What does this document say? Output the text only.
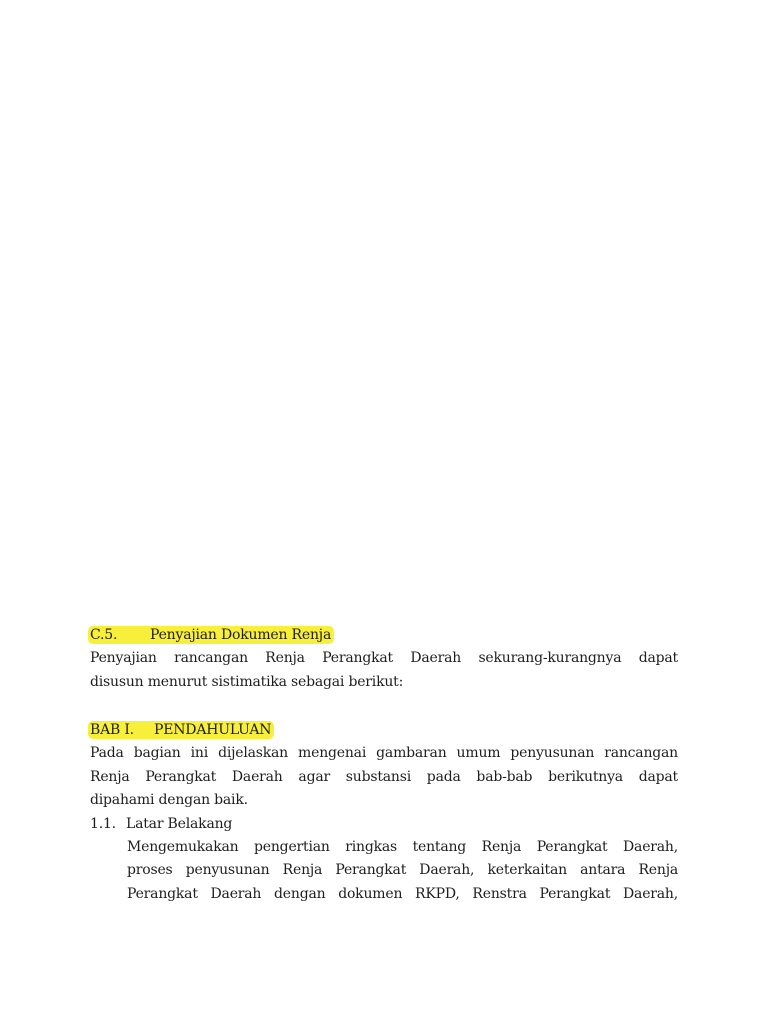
C.5. Penyajian Dokumen Renja
Penyajian rancangan Renja Perangkat Daerah sekurang-kurangnya dapat
disusun menurut sistimatika sebagai berikut:
BAB I. PENDAHULUAN
Pada bagian ini dijelaskan mengenai gambaran umum penyusunan rancangan
Renja Perangkat Daerah agar substansi pada bab-bab berikutnya dapat
dipahami dengan baik.
1.1. Latar Belakang
Mengemukakan pengertian ringkas tentang Renja Perangkat Daerah,
proses penyusunan Renja Perangkat Daerah, keterkaitan antara Renja
Perangkat Daerah dengan dokumen RKPD, Renstra Perangkat Daerah,
